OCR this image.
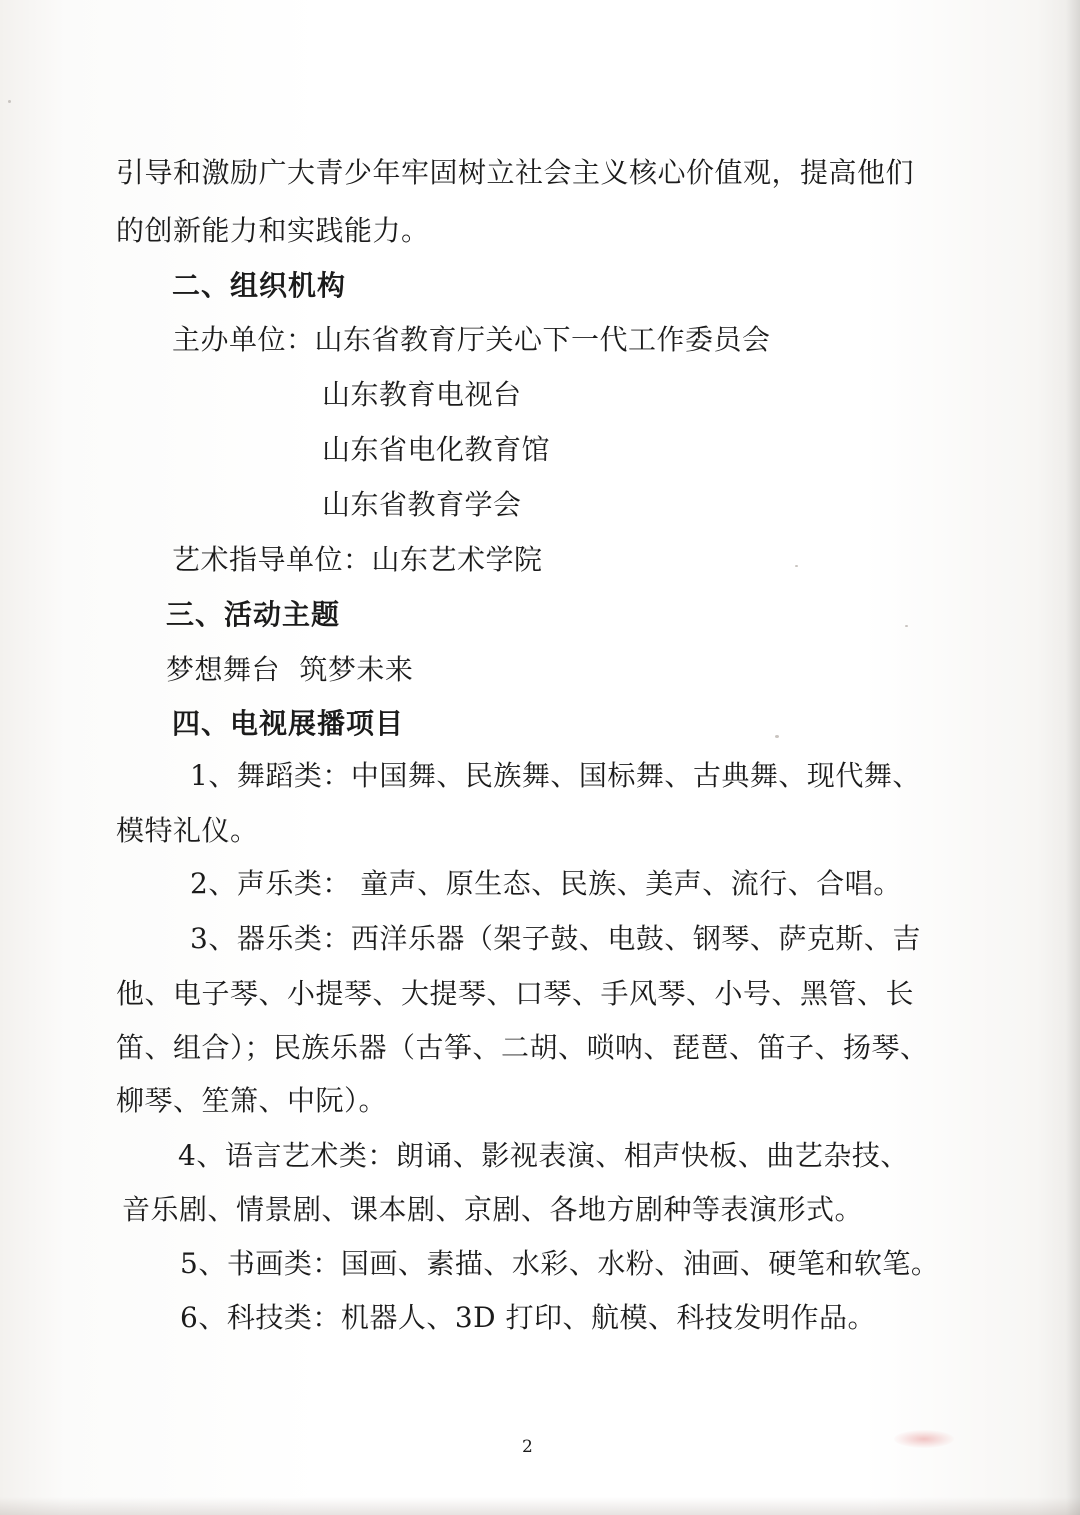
引导和激励广大青少年牢固树立社会主义核心价值观，提高他们
的创新能力和实践能力。
二、组织机构
主办单位：山东省教育厅关心下一代工作委员会
山东教育电视台
山东省电化教育馆
山东省教育学会
艺术指导单位：山东艺术学院
三、活动主题
梦想舞台 筑梦未来
四、电视展播项目
1、舞蹈类：中国舞、民族舞、国标舞、古典舞、现代舞、
模特礼仪。
2、声乐类： 童声、原生态、民族、美声、流行、合唱。
3、器乐类：西洋乐器（架子鼓、电鼓、钢琴、萨克斯、吉
他、电子琴、小提琴、大提琴、口琴、手风琴、小号、黑管、长
笛、组合）；民族乐器（古筝、二胡、唢呐、琵琶、笛子、扬琴、
柳琴、笙箫、中阮）。
4、语言艺术类：朗诵、影视表演、相声快板、曲艺杂技、
音乐剧、情景剧、课本剧、京剧、各地方剧种等表演形式。
5、书画类：国画、素描、水彩、水粉、油画、硬笔和软笔。
6、科技类：机器人、3D 打印、航模、科技发明作品。
2
